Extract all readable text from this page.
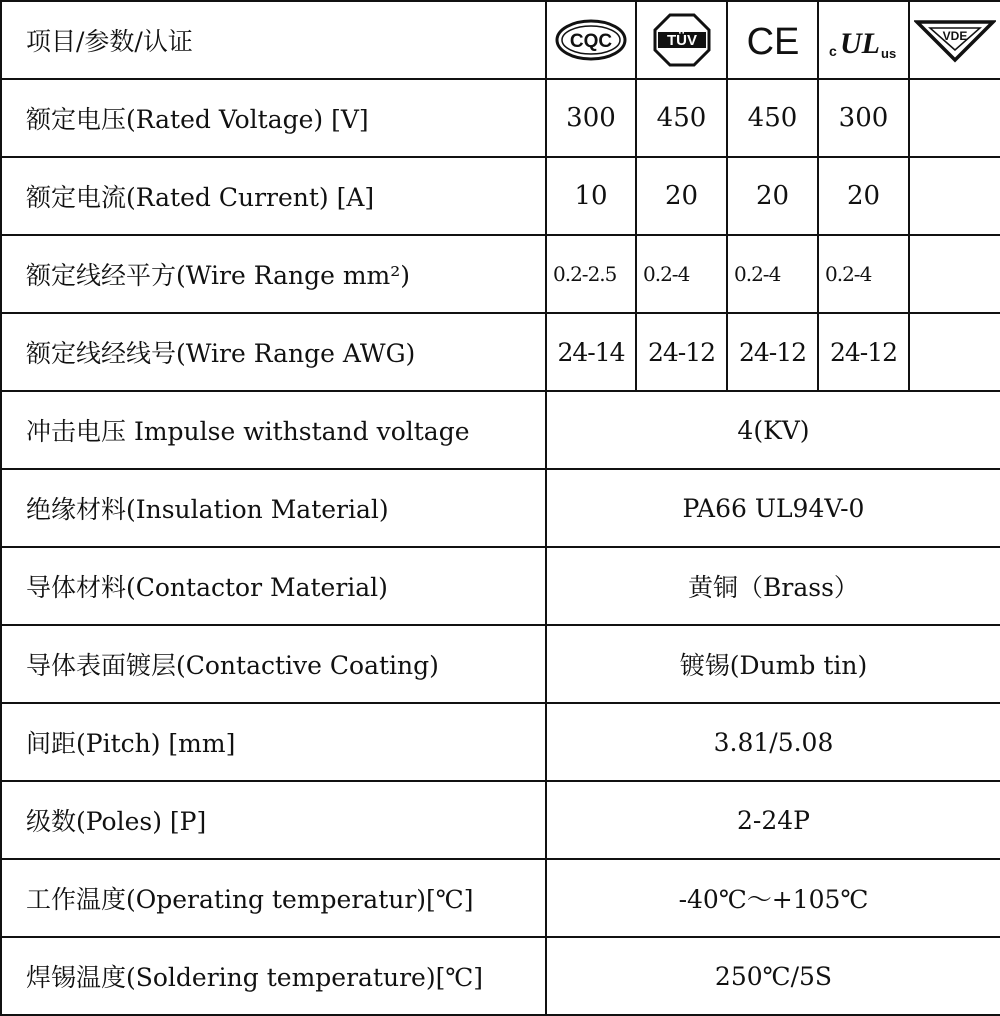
项目/参数/认证	CQC	TÜV	CE	c UL us	VDE

额定电压(Rated Voltage) [V]	300	450	450	300	
额定电流(Rated Current) [A]	10	20	20	20	
额定线经平方(Wire Range mm²)	0.2-2.5	0.2-4	0.2-4	0.2-4	
额定线经线号(Wire Range AWG)	24-14	24-12	24-12	24-12	
冲击电压 Impulse withstand voltage	4(KV)				
绝缘材料(Insulation Material)	PA66 UL94V-0				
导体材料(Contactor Material)	黄铜（Brass）				
导体表面镀层(Contactive Coating)	镀锡(Dumb tin)				
间距(Pitch) [mm]	3.81/5.08				
级数(Poles) [P]	2-24P				
工作温度(Operating temperatur)[℃]	-40℃～+105℃				
焊锡温度(Soldering temperature)[℃]	250℃/5S				
